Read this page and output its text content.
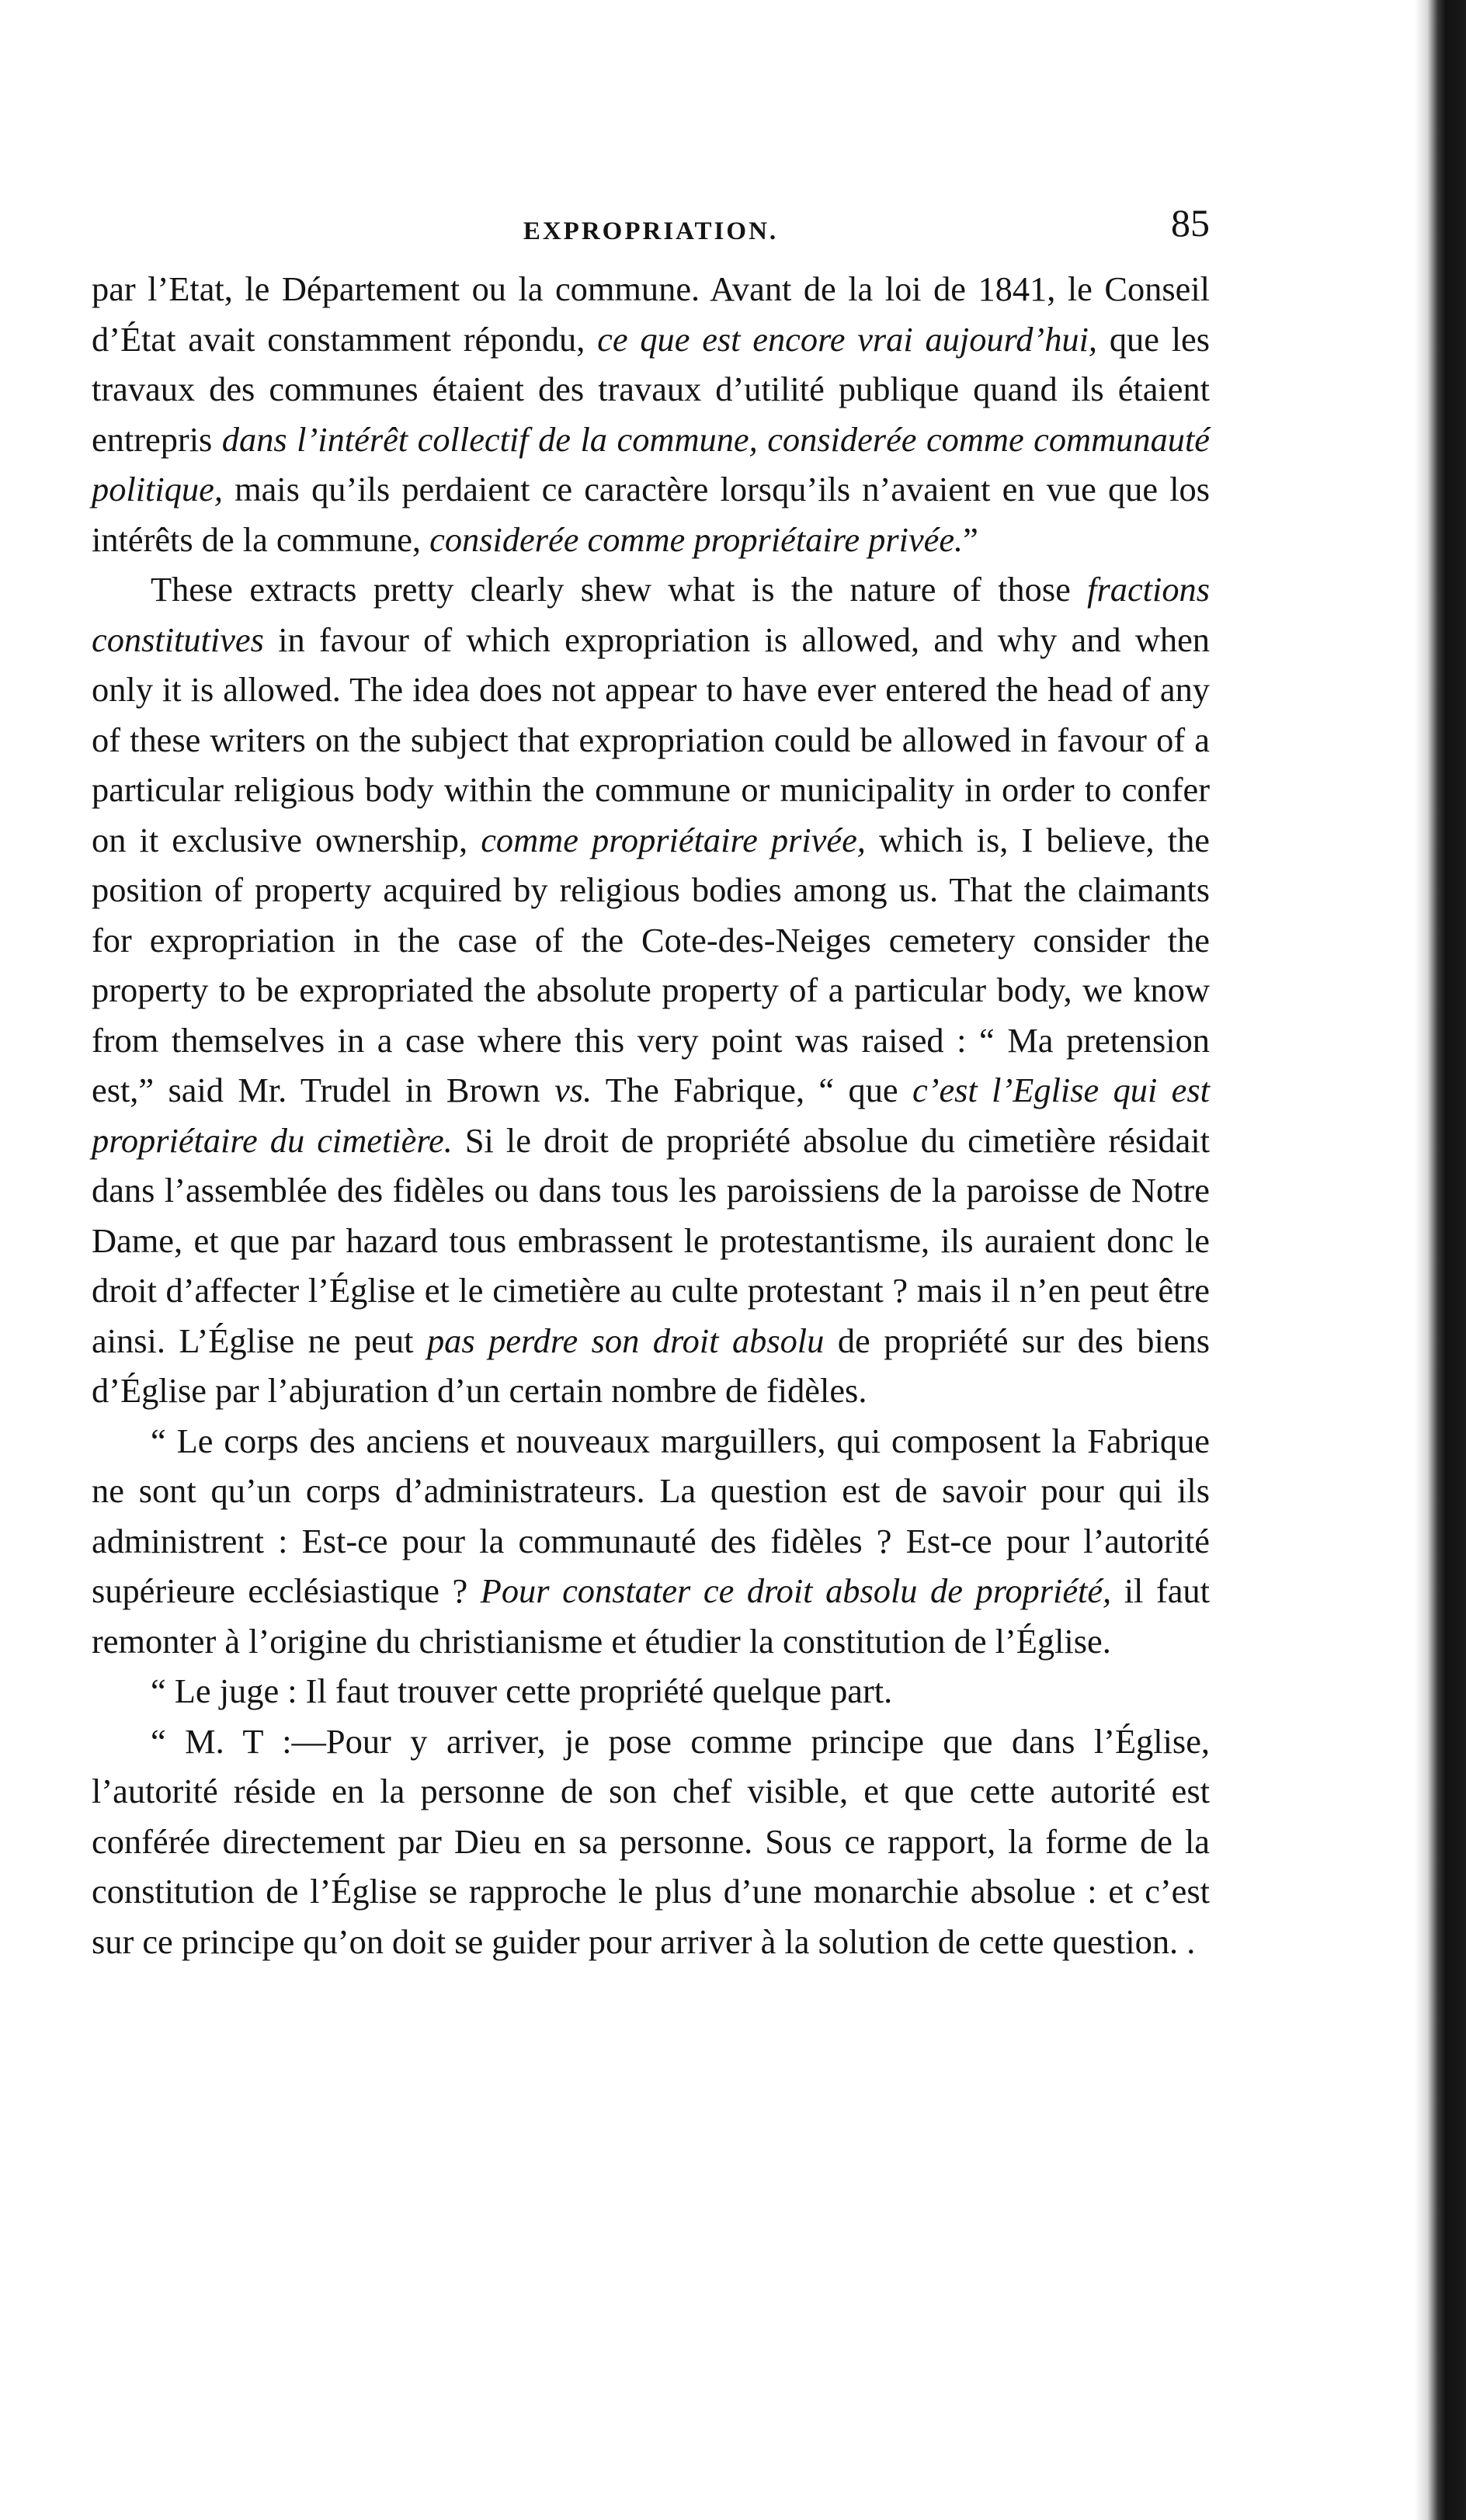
EXPROPRIATION.	85

par l’Etat, le Département ou la commune. Avant de la loi de 1841, le Conseil d’État avait constamment répondu, ce que est encore vrai aujourd’hui, que les travaux des communes étaient des travaux d’utilité publique quand ils étaient entrepris dans l’intérêt collectif de la commune, considerée comme communauté politique, mais qu’ils perdaient ce caractère lorsqu’ils n’avaient en vue que los intérêts de la commune, considerée comme propriétaire privée.”

These extracts pretty clearly shew what is the nature of those fractions constitutives in favour of which expropriation is allowed, and why and when only it is allowed. The idea does not appear to have ever entered the head of any of these writers on the subject that expropriation could be allowed in favour of a particular religious body within the commune or municipality in order to confer on it exclusive ownership, comme propriétaire privée, which is, I believe, the position of property acquired by religious bodies among us. That the claimants for expropriation in the case of the Cote-des-Neiges cemetery consider the property to be expropriated the absolute property of a particular body, we know from themselves in a case where this very point was raised : “ Ma pretension est,” said Mr. Trudel in Brown vs. The Fabrique, “ que c’est l’Eglise qui est propriétaire du cimetière. Si le droit de propriété absolue du cimetière résidait dans l’assemblée des fidèles ou dans tous les paroissiens de la paroisse de Notre Dame, et que par hazard tous embrassent le protestantisme, ils auraient donc le droit d’affecter l’Église et le cimetière au culte protestant ? mais il n’en peut être ainsi. L’Église ne peut pas perdre son droit absolu de propriété sur des biens d’Église par l’abjuration d’un certain nombre de fidèles.

“ Le corps des anciens et nouveaux marguillers, qui composent la Fabrique ne sont qu’un corps d’administrateurs. La question est de savoir pour qui ils administrent : Est-ce pour la communauté des fidèles ? Est-ce pour l’autorité supérieure ecclésiastique ? Pour constater ce droit absolu de propriété, il faut remonter à l’origine du christianisme et étudier la constitution de l’Église.

“ Le juge : Il faut trouver cette propriété quelque part.

“ M. T :—Pour y arriver, je pose comme principe que dans l’Église, l’autorité réside en la personne de son chef visible, et que cette autorité est conférée directement par Dieu en sa personne. Sous ce rapport, la forme de la constitution de l’Église se rapproche le plus d’une monarchie absolue : et c’est sur ce principe qu’on doit se guider pour arriver à la solution de cette question. .
